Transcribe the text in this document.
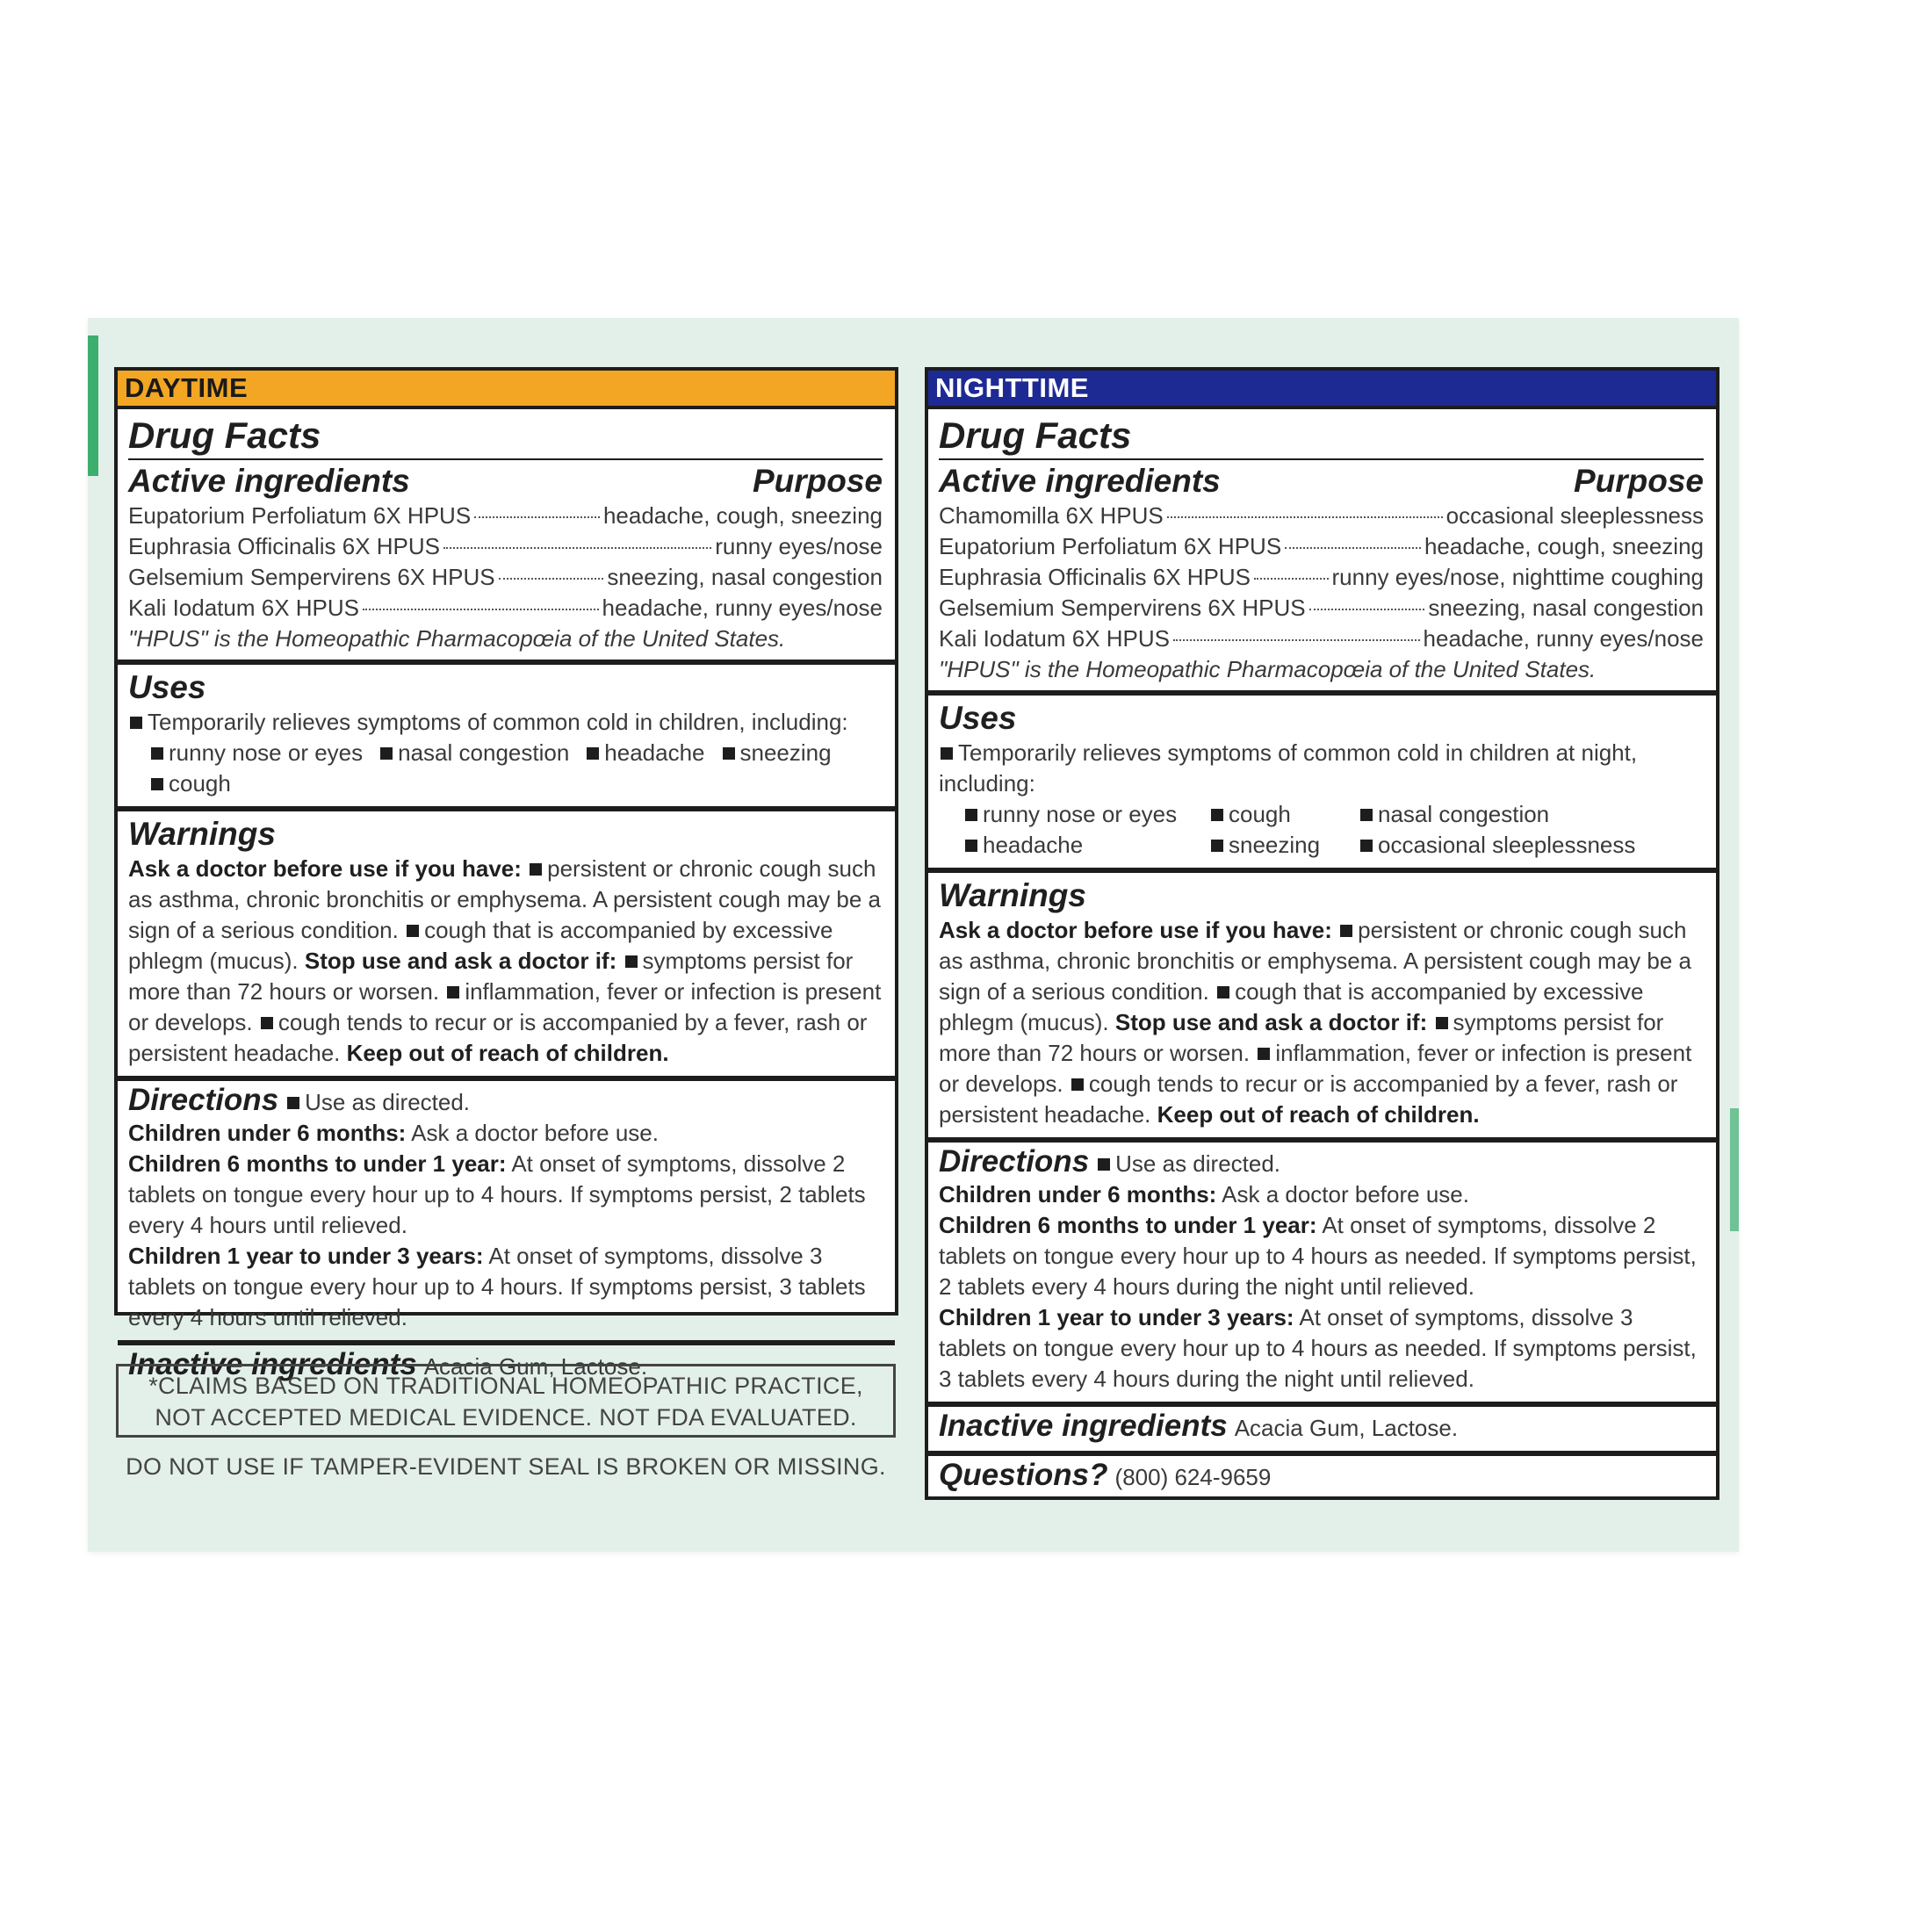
DAYTIME
Drug Facts
Active ingredients	Purpose
Eupatorium Perfoliatum 6X HPUS	headache, cough, sneezing
Euphrasia Officinalis 6X HPUS	runny eyes/nose
Gelsemium Sempervirens 6X HPUS	sneezing, nasal congestion
Kali Iodatum 6X HPUS	headache, runny eyes/nose
"HPUS" is the Homeopathic Pharmacopœia of the United States.
Uses
Temporarily relieves symptoms of common cold in children, including:
runny nose or eyes	nasal congestion	headache	sneezing
cough
Warnings
Ask a doctor before use if you have: persistent or chronic cough such as asthma, chronic bronchitis or emphysema. A persistent cough may be a sign of a serious condition. cough that is accompanied by excessive phlegm (mucus). Stop use and ask a doctor if: symptoms persist for more than 72 hours or worsen. inflammation, fever or infection is present or develops. cough tends to recur or is accompanied by a fever, rash or persistent headache. Keep out of reach of children.
Directions Use as directed.
Children under 6 months: Ask a doctor before use.
Children 6 months to under 1 year: At onset of symptoms, dissolve 2 tablets on tongue every hour up to 4 hours. If symptoms persist, 2 tablets every 4 hours until relieved.
Children 1 year to under 3 years: At onset of symptoms, dissolve 3 tablets on tongue every hour up to 4 hours. If symptoms persist, 3 tablets every 4 hours until relieved.
Inactive ingredients Acacia Gum, Lactose.
NIGHTTIME
Drug Facts
Active ingredients	Purpose
Chamomilla 6X HPUS	occasional sleeplessness
Eupatorium Perfoliatum 6X HPUS	headache, cough, sneezing
Euphrasia Officinalis 6X HPUS	runny eyes/nose, nighttime coughing
Gelsemium Sempervirens 6X HPUS	sneezing, nasal congestion
Kali Iodatum 6X HPUS	headache, runny eyes/nose
"HPUS" is the Homeopathic Pharmacopœia of the United States.
Uses
Temporarily relieves symptoms of common cold in children at night, including:
runny nose or eyes	cough	nasal congestion
headache	sneezing	occasional sleeplessness
Warnings
Ask a doctor before use if you have: persistent or chronic cough such as asthma, chronic bronchitis or emphysema. A persistent cough may be a sign of a serious condition. cough that is accompanied by excessive phlegm (mucus). Stop use and ask a doctor if: symptoms persist for more than 72 hours or worsen. inflammation, fever or infection is present or develops. cough tends to recur or is accompanied by a fever, rash or persistent headache. Keep out of reach of children.
Directions Use as directed.
Children under 6 months: Ask a doctor before use.
Children 6 months to under 1 year: At onset of symptoms, dissolve 2 tablets on tongue every hour up to 4 hours as needed. If symptoms persist, 2 tablets every 4 hours during the night until relieved.
Children 1 year to under 3 years: At onset of symptoms, dissolve 3 tablets on tongue every hour up to 4 hours as needed. If symptoms persist, 3 tablets every 4 hours during the night until relieved.
Inactive ingredients Acacia Gum, Lactose.
Questions? (800) 624-9659
*CLAIMS BASED ON TRADITIONAL HOMEOPATHIC PRACTICE,
NOT ACCEPTED MEDICAL EVIDENCE. NOT FDA EVALUATED.
DO NOT USE IF TAMPER-EVIDENT SEAL IS BROKEN OR MISSING.
